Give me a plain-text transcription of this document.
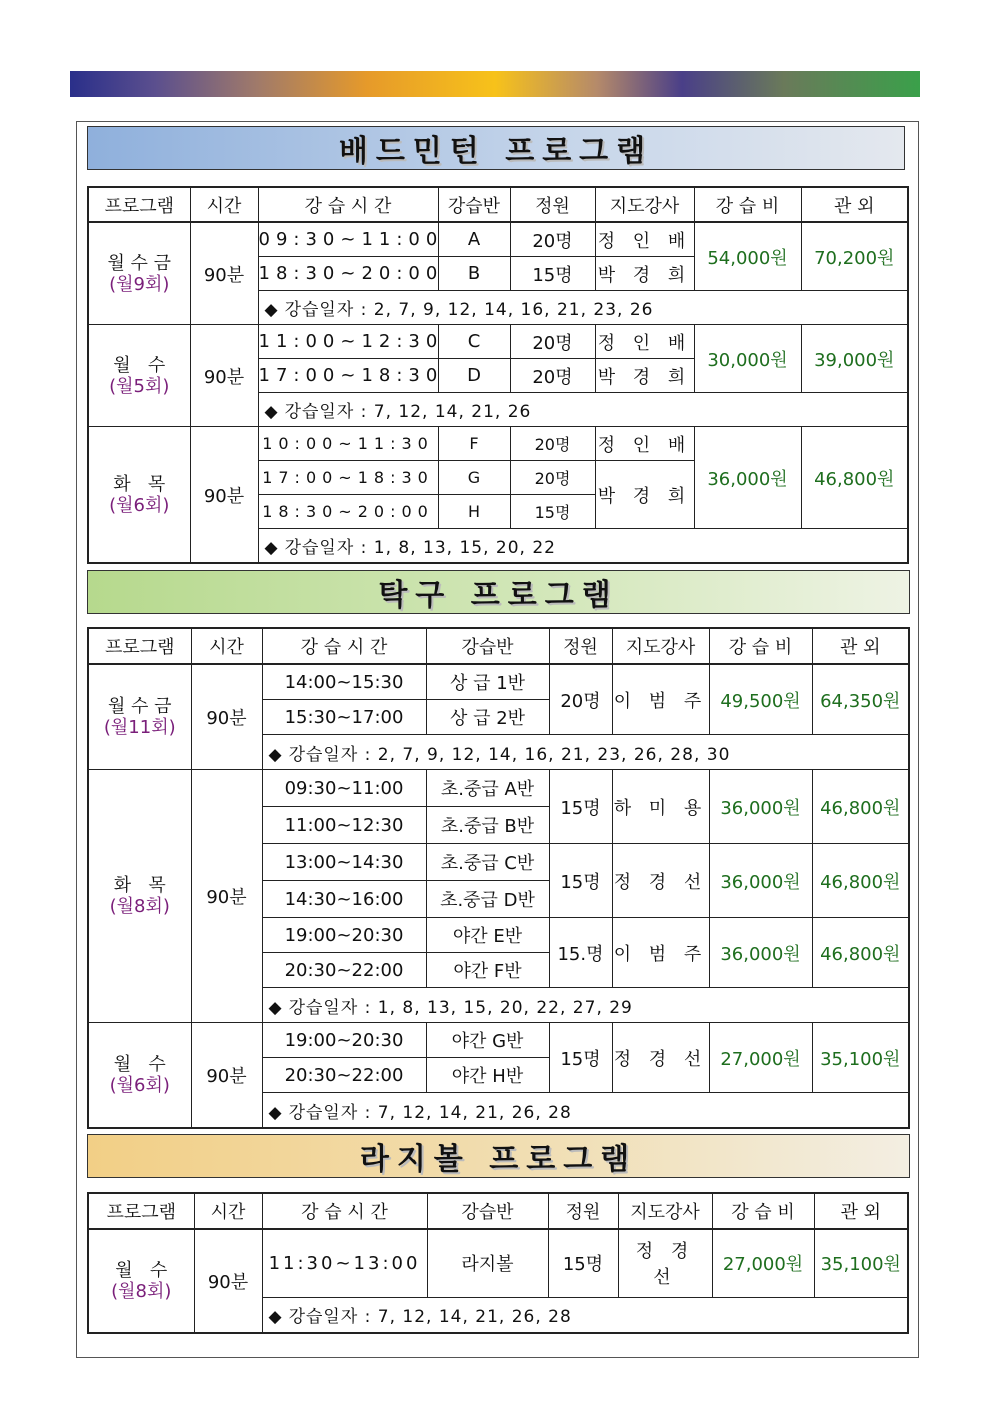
배드민턴 프로그램
프로그램	시간	강 습 시 간	강습반	정원	지도강사	강 습 비	관 외

월 수 금
(월9회)	90분	09:30~11:00	A	20명	정 인 배	54,000원	70,200원
		18:30~20:00	B	15명	박 경 희		
		◆ 강습일자 : 2, 7, 9, 12, 14, 16, 21, 23, 26					

월   수
(월5회)	90분	11:00~12:30	C	20명	정 인 배	30,000원	39,000원
		17:00~18:30	D	20명	박 경 희		
		◆ 강습일자 : 7, 12, 14, 21, 26					

화   목
(월6회)	90분	10:00~11:30	F	20명	정 인 배	36,000원	46,800원
		17:00~18:30	G	20명	박 경 희		
		18:30~20:00	H	15명			
		◆ 강습일자 : 1, 8, 13, 15, 20, 22					
탁구 프로그램
프로그램	시간	강 습 시 간	강습반	정원	지도강사	강 습 비	관 외

월 수 금
(월11회)	90분	14:00~15:30	상 급 1반	20명	이 범 주	49,500원	64,350원
		15:30~17:00	상 급 2반				
		◆ 강습일자 : 2, 7, 9, 12, 14, 16, 21, 23, 26, 28, 30					

화   목
(월8회)	90분	09:30~11:00	초.중급 A반	15명	하 미 용	36,000원	46,800원
		11:00~12:30	초.중급 B반				
		13:00~14:30	초.중급 C반	15명	정 경 선	36,000원	46,800원
		14:30~16:00	초.중급 D반				
		19:00~20:30	야간 E반	15.명	이 범 주	36,000원	46,800원
		20:30~22:00	야간 F반				
		◆ 강습일자 : 1, 8, 13, 15, 20, 22, 27, 29					

월   수
(월6회)	90분	19:00~20:30	야간 G반	15명	정 경 선	27,000원	35,100원
		20:30~22:00	야간 H반				
		◆ 강습일자 : 7, 12, 14, 21, 26, 28					
라지볼 프로그램
프로그램	시간	강 습 시 간	강습반	정원	지도강사	강 습 비	관 외

월   수
(월8회)	90분	11:30~13:00	라지볼	15명	정 경 선	27,000원	35,100원
		◆ 강습일자 : 7, 12, 14, 21, 26, 28					
